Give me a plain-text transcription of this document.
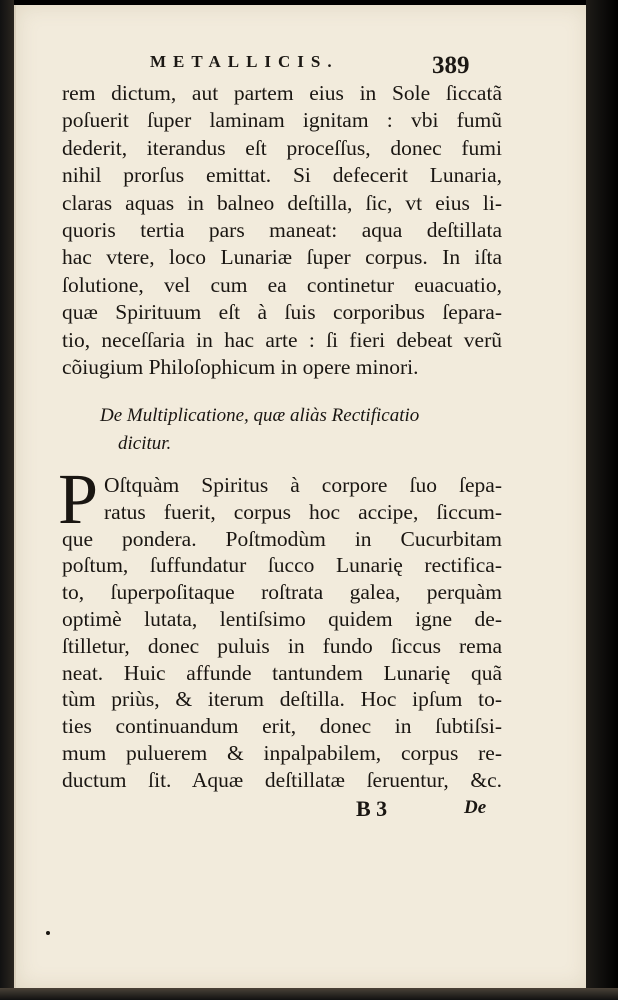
METALLICIS.	389
rem dictum, aut partem eius in Sole ſiccatã
poſuerit ſuper laminam ignitam : vbi fumũ
dederit, iterandus eſt proceſſus, donec fumi
nihil prorſus emittat. Si defecerit Lunaria,
claras aquas in balneo deſtilla, ſic, vt eius li-
quoris tertia pars maneat: aqua deſtillata
hac vtere, loco Lunariæ ſuper corpus. In iſta
ſolutione, vel cum ea continetur euacuatio,
quæ Spirituum eſt à ſuis corporibus ſepara-
tio, neceſſaria in hac arte : ſi fieri debeat verũ
cõiugium Philoſophicum in opere minori.
De Multiplicatione, quæ aliàs Rectificatio
dicitur.
P Oſtquàm Spiritus à corpore ſuo ſepa-
ratus fuerit, corpus hoc accipe, ſiccum-
que pondera. Poſtmodùm in Cucurbitam
poſtum, ſuffundatur ſucco Lunarię rectifica-
to, ſuperpoſitaque roſtrata galea, perquàm
optimè lutata, lentiſsimo quidem igne de-
ſtilletur, donec puluis in fundo ſiccus rema
neat. Huic affunde tantundem Lunarię quã
tùm priùs, & iterum deſtilla. Hoc ipſum to-
ties continuandum erit, donec in ſubtiſsi-
mum puluerem & inpalpabilem, corpus re-
ductum ſit. Aquæ deſtillatæ ſeruentur, &c.
B 3	De
